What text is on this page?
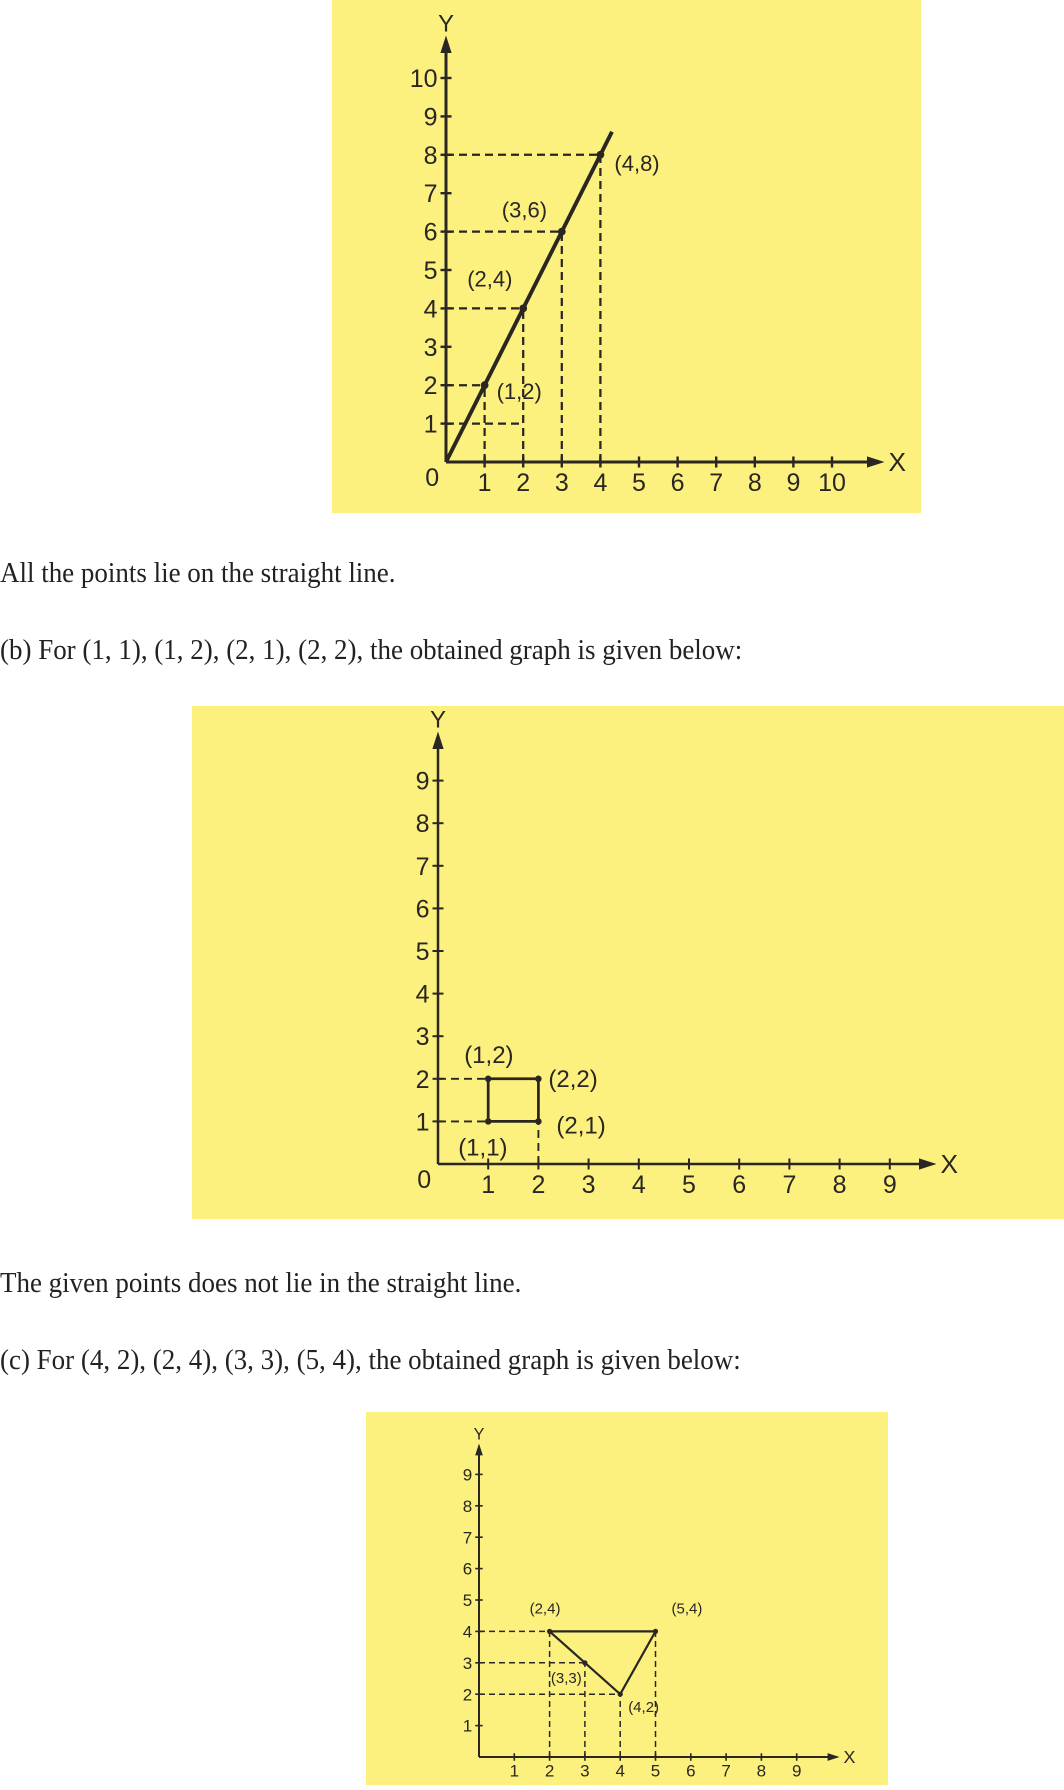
All the points lie on the straight line.

(b) For (1, 1), (1, 2), (2, 1), (2, 2), the obtained graph is given below:

The given points does not lie in the straight line.

(c) For (4, 2), (2, 4), (3, 3), (5, 4), the obtained graph is given below:

X
Y
1 2 3 4 5 6 7 8 9 10
1
2
3
4
5
6
7
8
9
10
0
(1,2)
(2,4)
(3,6)
(4,8)
X
Y
1 2 3 4 5 6 7 8 9
1
2
3
4
5
6
7
8
9
0
(1,1)
(1,2)
(2,2)
(2,1)
X
Y
1 2 3 4 5 6 7 8 9
1
2
3
4
5
6
7
8
9
(2,4)
(3,3)
(4,2)
(5,4)
